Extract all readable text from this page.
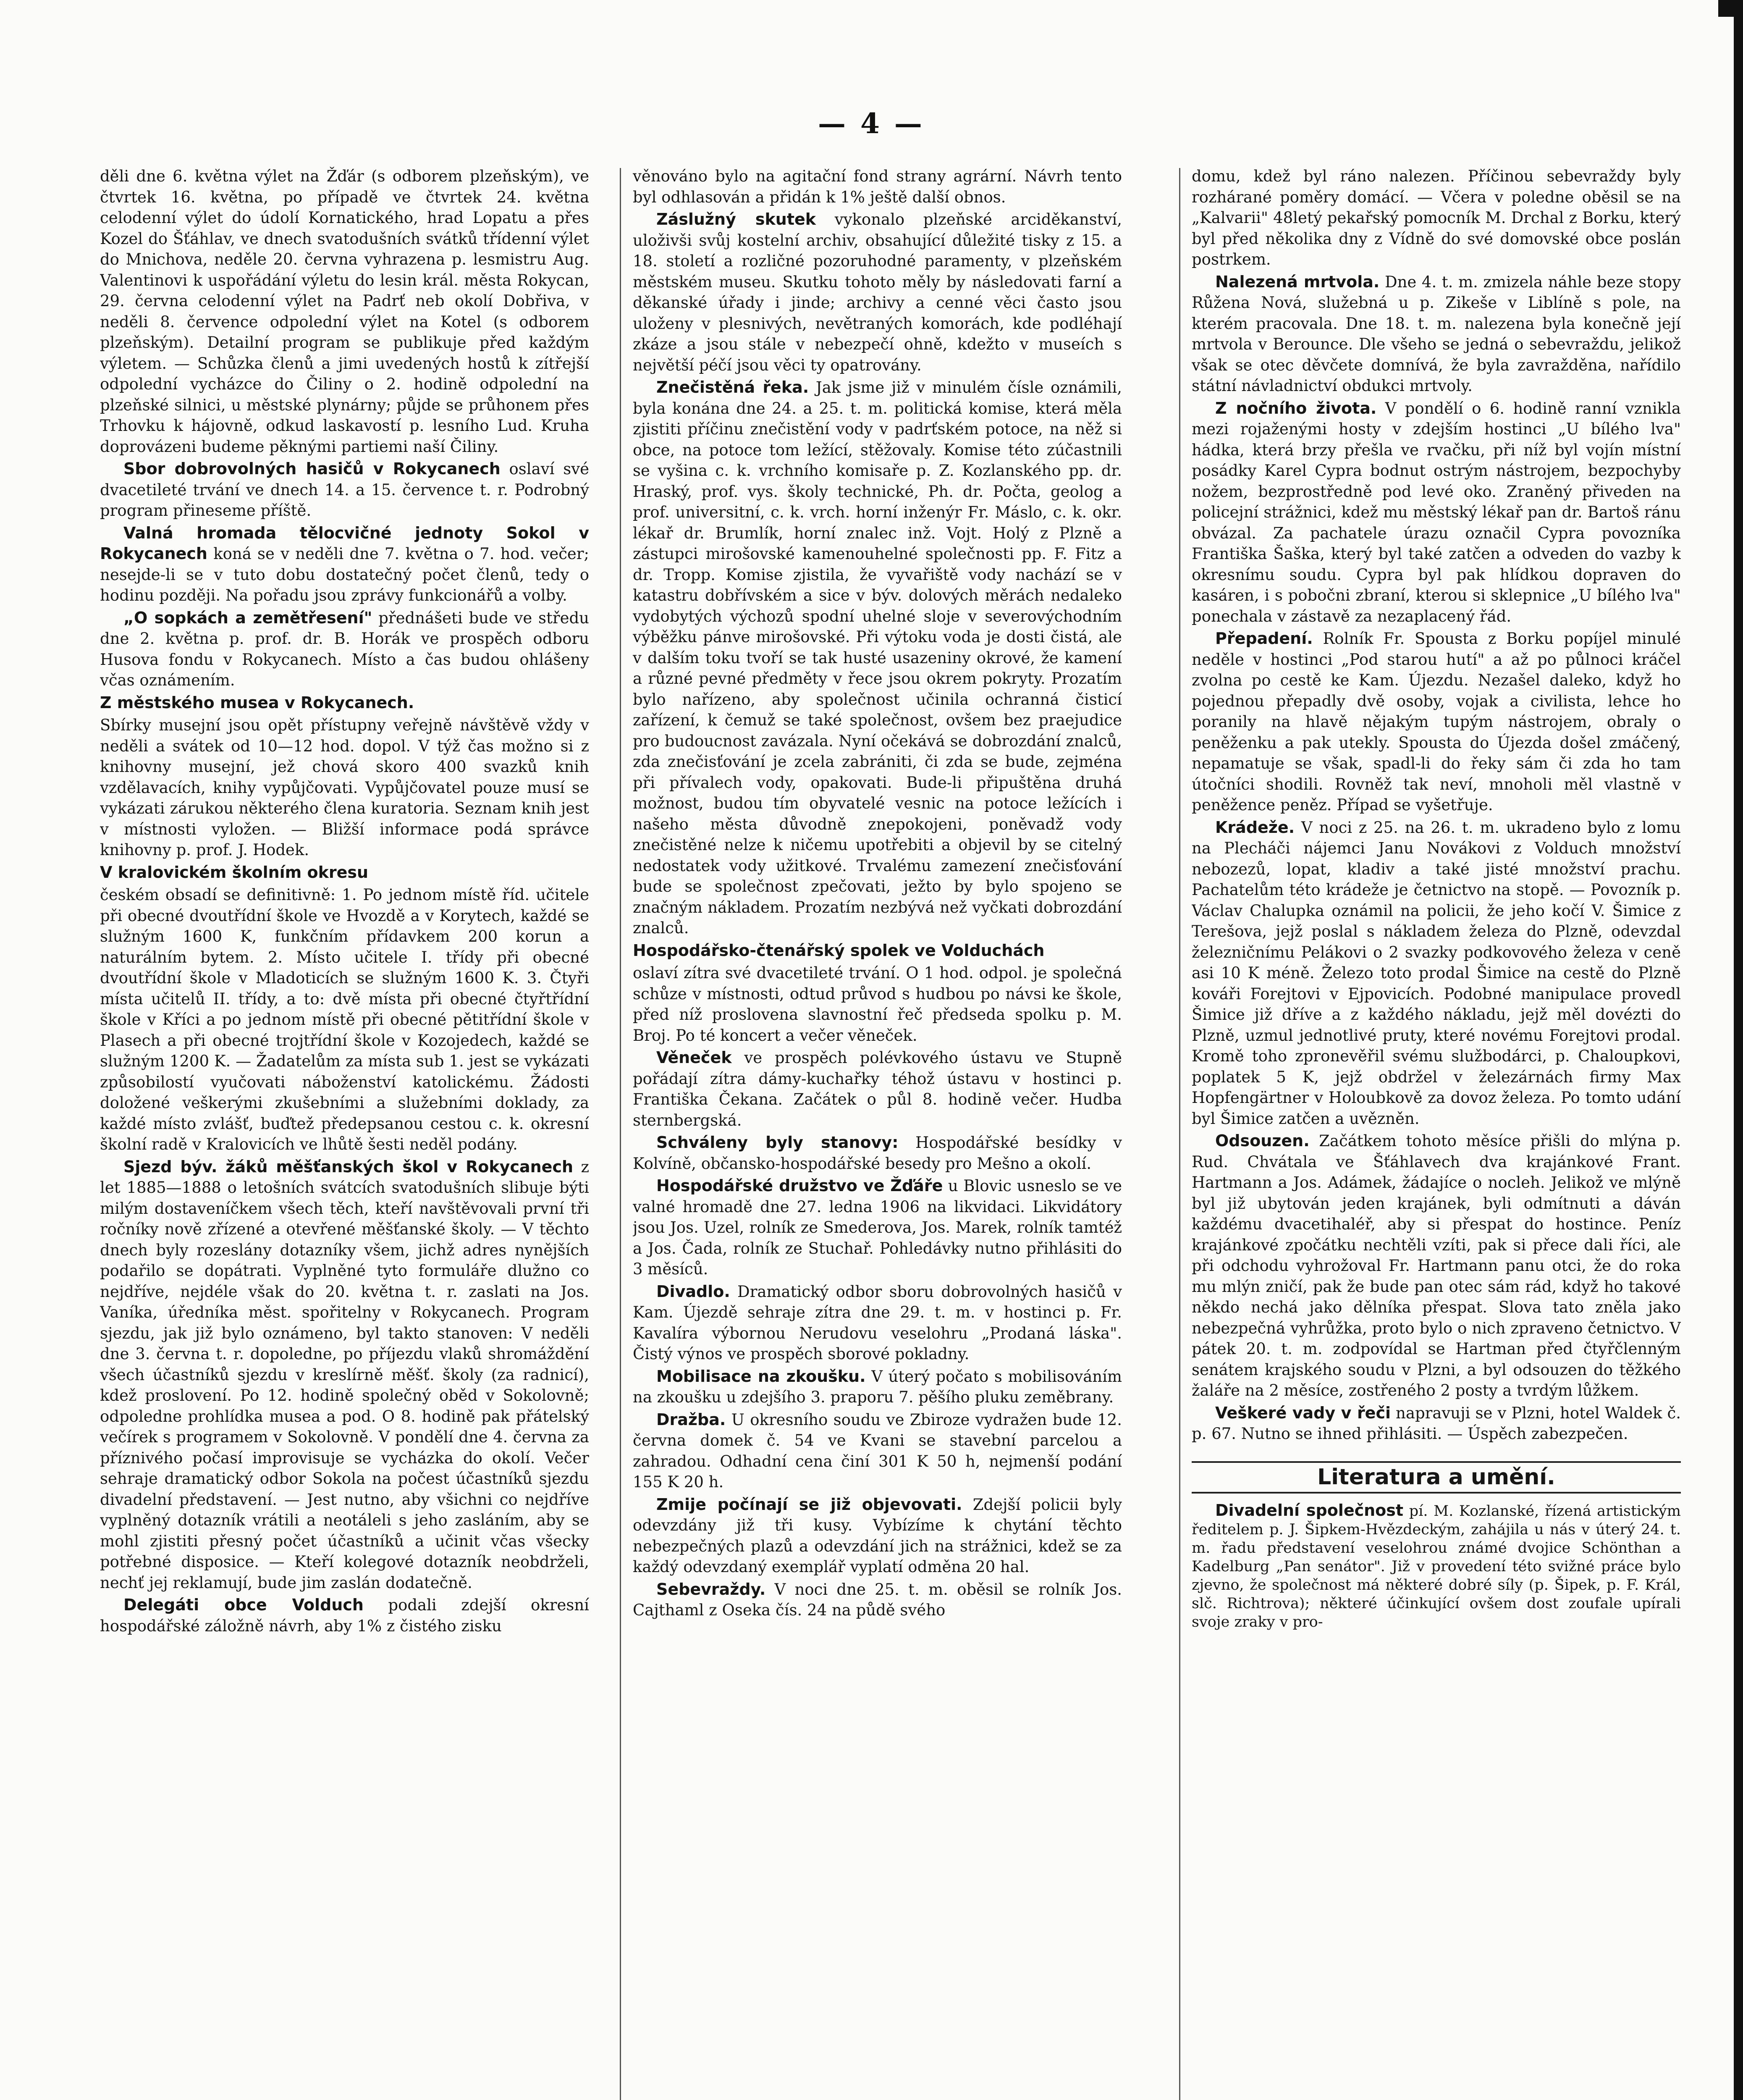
— 4 —

děli dne 6. května výlet na Žďár (s odborem plzeňským), ve čtvrtek 16. května, po případě ve čtvrtek 24. května celodenní výlet do údolí Kornatického, hrad Lopatu a přes Kozel do Šťáhlav, ve dnech svatodušních svátků třídenní výlet do Mnichova, neděle 20. června vyhrazena p. lesmistru Aug. Valentinovi k uspořádání výletu do lesin král. města Rokycan, 29. června celodenní výlet na Padrť neb okolí Dobřiva, v neděli 8. července odpolední výlet na Kotel (s odborem plzeňským). Detailní program se publikuje před každým výletem. — Schůzka členů a jimi uvedených hostů k zítřejší odpolední vycházce do Čiliny o 2. hodině odpolední na plzeňské silnici, u městské plynárny; půjde se průhonem přes Trhovku k hájovně, odkud laskavostí p. lesního Lud. Kruha doprovázeni budeme pěknými partiemi naší Čiliny.

Sbor dobrovolných hasičů v Rokycanech oslaví své dvacetileté trvání ve dnech 14. a 15. července t. r. Podrobný program přineseme příště.

Valná hromada tělocvičné jednoty Sokol v Rokycanech koná se v neděli dne 7. května o 7. hod. večer; nesejde-li se v tuto dobu dostatečný počet členů, tedy o hodinu později. Na pořadu jsou zprávy funkcionářů a volby.

„O sopkách a zemětřesení" přednášeti bude ve středu dne 2. května p. prof. dr. B. Horák ve prospěch odboru Husova fondu v Rokycanech. Místo a čas budou ohlášeny včas oznámením.

Z městského musea v Rokycanech.

Sbírky musejní jsou opět přístupny veřejně návštěvě vždy v neděli a svátek od 10—12 hod. dopol. V týž čas možno si z knihovny musejní, jež chová skoro 400 svazků knih vzdělavacích, knihy vypůjčovati. Vypůjčovatel pouze musí se vykázati zárukou některého člena kuratoria. Seznam knih jest v místnosti vyložen. — Bližší informace podá správce knihovny p. prof. J. Hodek.

V kralovickém školním okresu

českém obsadí se definitivně: 1. Po jednom místě říd. učitele při obecné dvoutřídní škole ve Hvozdě a v Korytech, každé se služným 1600 K, funkčním přídavkem 200 korun a naturálním bytem. 2. Místo učitele I. třídy při obecné dvoutřídní škole v Mladoticích se služným 1600 K. 3. Čtyři místa učitelů II. třídy, a to: dvě místa při obecné čtyřtřídní škole v Kříci a po jednom místě při obecné pětitřídní škole v Plasech a při obecné trojtřídní škole v Kozojedech, každé se služným 1200 K. — Žadatelům za místa sub 1. jest se vykázati způsobilostí vyučovati náboženství katolickému. Žádosti doložené veškerými zkušebními a služebními doklady, za každé místo zvlášť, buďtež předepsanou cestou c. k. okresní školní radě v Kralovicích ve lhůtě šesti neděl podány.

Sjezd býv. žáků měšťanských škol v Rokycanech z let 1885—1888 o letošních svátcích svatodušních slibuje býti milým dostaveníčkem všech těch, kteří navštěvovali první tři ročníky nově zřízené a otevřené měšťanské školy. — V těchto dnech byly rozeslány dotazníky všem, jichž adres nynějších podařilo se dopátrati. Vyplněné tyto formuláře dlužno co nejdříve, nejdéle však do 20. května t. r. zaslati na Jos. Vaníka, úředníka měst. spořitelny v Rokycanech. Program sjezdu, jak již bylo oznámeno, byl takto stanoven: V neděli dne 3. června t. r. dopoledne, po příjezdu vlaků shromáždění všech účastníků sjezdu v kreslírně měšť. školy (za radnicí), kdež proslovení. Po 12. hodině společný oběd v Sokolovně; odpoledne prohlídka musea a pod. O 8. hodině pak přátelský večírek s programem v Sokolovně. V pondělí dne 4. června za příznivého počasí improvisuje se vycházka do okolí. Večer sehraje dramatický odbor Sokola na počest účastníků sjezdu divadelní představení. — Jest nutno, aby všichni co nejdříve vyplněný dotazník vrátili a neotáleli s jeho zasláním, aby se mohl zjistiti přesný počet účastníků a učinit včas všecky potřebné disposice. — Kteří kolegové dotazník neobdrželi, nechť jej reklamují, bude jim zaslán dodatečně.

Delegáti obce Volduch podali zdejší okresní hospodářské záložně návrh, aby 1% z čistého zisku

věnováno bylo na agitační fond strany agrární. Návrh tento byl odhlasován a přidán k 1% ještě další obnos.

Záslužný skutek vykonalo plzeňské arciděkanství, uloživši svůj kostelní archiv, obsahující důležité tisky z 15. a 18. století a rozličné pozoruhodné paramenty, v plzeňském městském museu. Skutku tohoto měly by následovati farní a děkanské úřady i jinde; archivy a cenné věci často jsou uloženy v plesnivých, nevětraných komorách, kde podléhají zkáze a jsou stále v nebezpečí ohně, kdežto v museích s největší péčí jsou věci ty opatrovány.

Znečistěná řeka. Jak jsme již v minulém čísle oznámili, byla konána dne 24. a 25. t. m. politická komise, která měla zjistiti příčinu znečistění vody v padrťském potoce, na něž si obce, na potoce tom ležící, stěžovaly. Komise této zúčastnili se vyšina c. k. vrchního komisaře p. Z. Kozlanského pp. dr. Hraský, prof. vys. školy technické, Ph. dr. Počta, geolog a prof. universitní, c. k. vrch. horní inženýr Fr. Máslo, c. k. okr. lékař dr. Brumlík, horní znalec inž. Vojt. Holý z Plzně a zástupci mirošovské kamenouhelné společnosti pp. F. Fitz a dr. Tropp. Komise zjistila, že vyvařiště vody nachází se v katastru dobřívském a sice v býv. dolových měrách nedaleko vydobytých výchozů spodní uhelné sloje v severovýchodním výběžku pánve mirošovské. Při výtoku voda je dosti čistá, ale v dalším toku tvoří se tak husté usazeniny okrové, že kamení a různé pevné předměty v řece jsou okrem pokryty. Prozatím bylo nařízeno, aby společnost učinila ochranná čisticí zařízení, k čemuž se také společnost, ovšem bez praejudice pro budoucnost zavázala. Nyní očekává se dobrozdání znalců, zda znečisťování je zcela zabrániti, či zda se bude, zejména při přívalech vody, opakovati. Bude-li připuštěna druhá možnost, budou tím obyvatelé vesnic na potoce ležících i našeho města důvodně znepokojeni, poněvadž vody znečistěné nelze k ničemu upotřebiti a objevil by se citelný nedostatek vody užitkové. Trvalému zamezení znečisťování bude se společnost zpečovati, ježto by bylo spojeno se značným nákladem. Prozatím nezbývá než vyčkati dobrozdání znalců.

Hospodářsko-čtenářský spolek ve Volduchách

oslaví zítra své dvacetileté trvání. O 1 hod. odpol. je společná schůze v místnosti, odtud průvod s hudbou po návsi ke škole, před níž proslovena slavnostní řeč předseda spolku p. M. Broj. Po té koncert a večer věneček.

Věneček ve prospěch polévkového ústavu ve Stupně pořádají zítra dámy-kuchařky téhož ústavu v hostinci p. Františka Čekana. Začátek o půl 8. hodině večer. Hudba sternbergská.

Schváleny byly stanovy: Hospodářské besídky v Kolvíně, občansko-hospodářské besedy pro Mešno a okolí.

Hospodářské družstvo ve Žďáře u Blovic usneslo se ve valné hromadě dne 27. ledna 1906 na likvidaci. Likvidátory jsou Jos. Uzel, rolník ze Smederova, Jos. Marek, rolník tamtéž a Jos. Čada, rolník ze Stuchař. Pohledávky nutno přihlásiti do 3 měsíců.

Divadlo. Dramatický odbor sboru dobrovolných hasičů v Kam. Újezdě sehraje zítra dne 29. t. m. v hostinci p. Fr. Kavalíra výbornou Nerudovu veselohru „Prodaná láska". Čistý výnos ve prospěch sborové pokladny.

Mobilisace na zkoušku. V úterý počato s mobilisováním na zkoušku u zdejšího 3. praporu 7. pěšího pluku zeměbrany.

Dražba. U okresního soudu ve Zbiroze vydražen bude 12. června domek č. 54 ve Kvani se stavební parcelou a zahradou. Odhadní cena činí 301 K 50 h, nejmenší podání 155 K 20 h.

Zmije počínají se již objevovati. Zdejší policii byly odevzdány již tři kusy. Vybízíme k chytání těchto nebezpečných plazů a odevzdání jich na strážnici, kdež se za každý odevzdaný exemplář vyplatí odměna 20 hal.

Sebevraždy. V noci dne 25. t. m. oběsil se rolník Jos. Cajthaml z Oseka čís. 24 na půdě svého

domu, kdež byl ráno nalezen. Příčinou sebevraždy byly rozhárané poměry domácí. — Včera v poledne oběsil se na „Kalvarii" 48letý pekařský pomocník M. Drchal z Borku, který byl před několika dny z Vídně do své domovské obce poslán postrkem.

Nalezená mrtvola. Dne 4. t. m. zmizela náhle beze stopy Růžena Nová, služebná u p. Zikeše v Liblíně s pole, na kterém pracovala. Dne 18. t. m. nalezena byla konečně její mrtvola v Berounce. Dle všeho se jedná o sebevraždu, jelikož však se otec děvčete domnívá, že byla zavražděna, nařídilo státní návladnictví obdukci mrtvoly.

Z nočního života. V pondělí o 6. hodině ranní vznikla mezi rojaženými hosty v zdejším hostinci „U bílého lva" hádka, která brzy přešla ve rvačku, při níž byl vojín místní posádky Karel Cypra bodnut ostrým nástrojem, bezpochyby nožem, bezprostředně pod levé oko. Zraněný přiveden na policejní strážnici, kdež mu městský lékař pan dr. Bartoš ránu obvázal. Za pachatele úrazu označil Cypra povozníka Františka Šaška, který byl také zatčen a odveden do vazby k okresnímu soudu. Cypra byl pak hlídkou dopraven do kasáren, i s pobočni zbraní, kterou si sklepnice „U bílého lva" ponechala v zástavě za nezaplacený řád.

Přepadení. Rolník Fr. Spousta z Borku popíjel minulé neděle v hostinci „Pod starou hutí" a až po půlnoci kráčel zvolna po cestě ke Kam. Újezdu. Nezašel daleko, když ho pojednou přepadly dvě osoby, vojak a civilista, lehce ho poranily na hlavě nějakým tupým nástrojem, obraly o peněženku a pak utekly. Spousta do Újezda došel zmáčený, nepamatuje se však, spadl-li do řeky sám či zda ho tam útočníci shodili. Rovněž tak neví, mnoholi měl vlastně v peněžence peněz. Případ se vyšetřuje.

Krádeže. V noci z 25. na 26. t. m. ukradeno bylo z lomu na Plecháči nájemci Janu Novákovi z Volduch množství nebozezů, lopat, kladiv a také jisté množství prachu. Pachatelům této krádeže je četnictvo na stopě. — Povozník p. Václav Chalupka oznámil na policii, že jeho kočí V. Šimice z Terešova, jejž poslal s nákladem železa do Plzně, odevzdal železničnímu Pelákovi o 2 svazky podkovového železa v ceně asi 10 K méně. Železo toto prodal Šimice na cestě do Plzně kováři Forejtovi v Ejpovicích. Podobné manipulace provedl Šimice již dříve a z každého nákladu, jejž měl dovézti do Plzně, uzmul jednotlivé pruty, které novému Forejtovi prodal. Kromě toho zpronevěřil svému službodárci, p. Chaloupkovi, poplatek 5 K, jejž obdržel v železárnách firmy Max Hopfengärtner v Holoubkově za dovoz železa. Po tomto udání byl Šimice zatčen a uvězněn.

Odsouzen. Začátkem tohoto měsíce přišli do mlýna p. Rud. Chvátala ve Šťáhlavech dva krajánkové Frant. Hartmann a Jos. Adámek, žádajíce o nocleh. Jelikož ve mlýně byl již ubytován jeden krajánek, byli odmítnuti a dáván každému dvacetihaléř, aby si přespat do hostince. Peníz krajánkové zpočátku nechtěli vzíti, pak si přece dali říci, ale při odchodu vyhrožoval Fr. Hartmann panu otci, že do roka mu mlýn zničí, pak že bude pan otec sám rád, když ho takové někdo nechá jako dělníka přespat. Slova tato zněla jako nebezpečná vyhrůžka, proto bylo o nich zpraveno četnictvo. V pátek 20. t. m. zodpovídal se Hartman před čtyřčlenným senátem krajského soudu v Plzni, a byl odsouzen do těžkého žaláře na 2 měsíce, zostřeného 2 posty a tvrdým lůžkem.

Veškeré vady v řeči napravuji se v Plzni, hotel Waldek č. p. 67. Nutno se ihned přihlásiti. — Úspěch zabezpečen.

Literatura a umění.

Divadelní společnost pí. M. Kozlanské, řízená artistickým ředitelem p. J. Šipkem-Hvězdeckým, zahájila u nás v úterý 24. t. m. řadu představení veselohrou známé dvojice Schönthan a Kadelburg „Pan senátor". Již v provedení této svižné práce bylo zjevno, že společnost má některé dobré síly (p. Šipek, p. F. Král, slč. Richtrova); některé účinkující ovšem dost zoufale upírali svoje zraky v pro-
